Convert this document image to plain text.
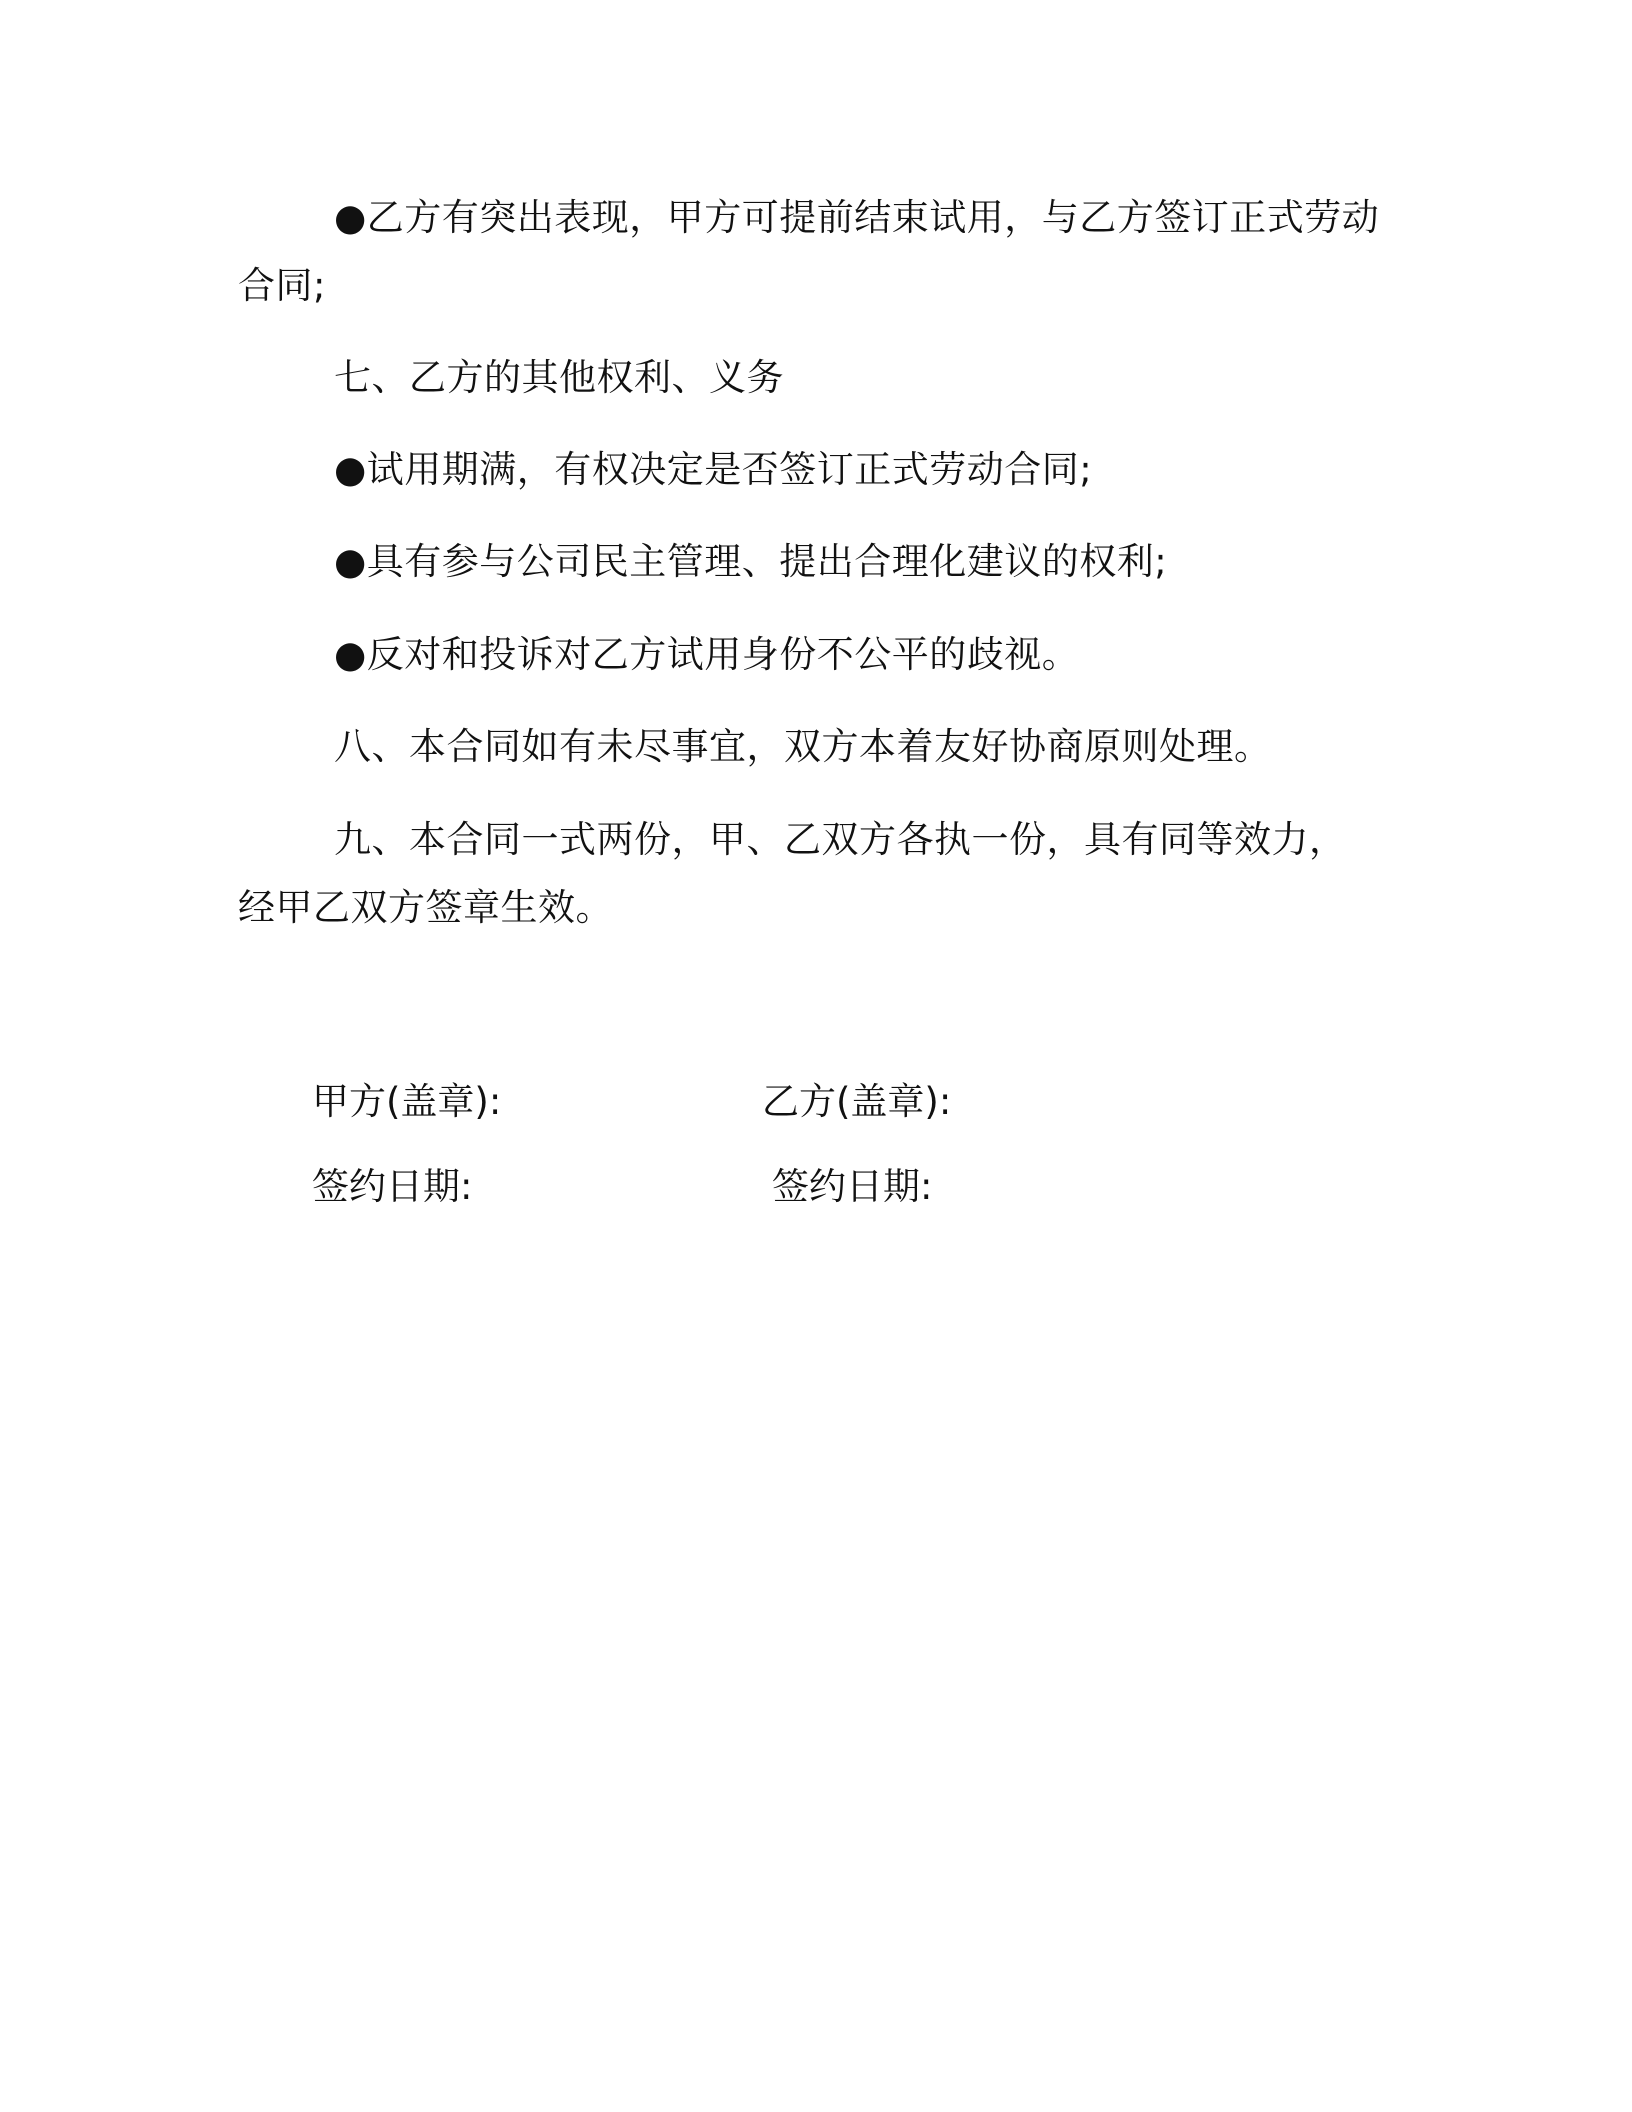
●乙方有突出表现，甲方可提前结束试用，与乙方签订正式劳动合同;

七、乙方的其他权利、义务

●试用期满，有权决定是否签订正式劳动合同;

●具有参与公司民主管理、提出合理化建议的权利;

●反对和投诉对乙方试用身份不公平的歧视。

八、本合同如有未尽事宜，双方本着友好协商原则处理。

九、本合同一式两份，甲、乙双方各执一份，具有同等效力，经甲乙双方签章生效。

甲方(盖章):	乙方(盖章):
签约日期:	签约日期:
